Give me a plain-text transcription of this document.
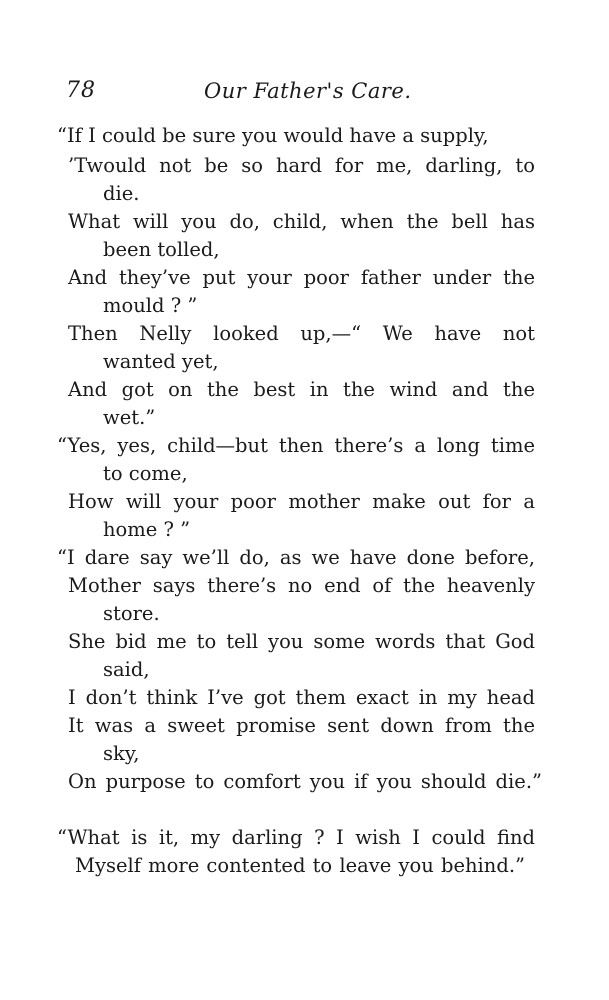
78	Our Father's Care.
“If I could be sure you would have a supply,
’Twould not be so hard for me, darling, to
die.
What will you do, child, when the bell has
been tolled,
And they’ve put your poor father under the
mould ? ”
Then Nelly looked up,—“ We have not
wanted yet,
And got on the best in the wind and the
wet.”
“Yes, yes, child—but then there’s a long time
to come,
How will your poor mother make out for a
home ? ”
“I dare say we’ll do, as we have done before,
Mother says there’s no end of the heavenly
store.
She bid me to tell you some words that God
said,
I don’t think I’ve got them exact in my head
It was a sweet promise sent down from the
sky,
On purpose to comfort you if you should die.”
“What is it, my darling ? I wish I could find
Myself more contented to leave you behind.”
